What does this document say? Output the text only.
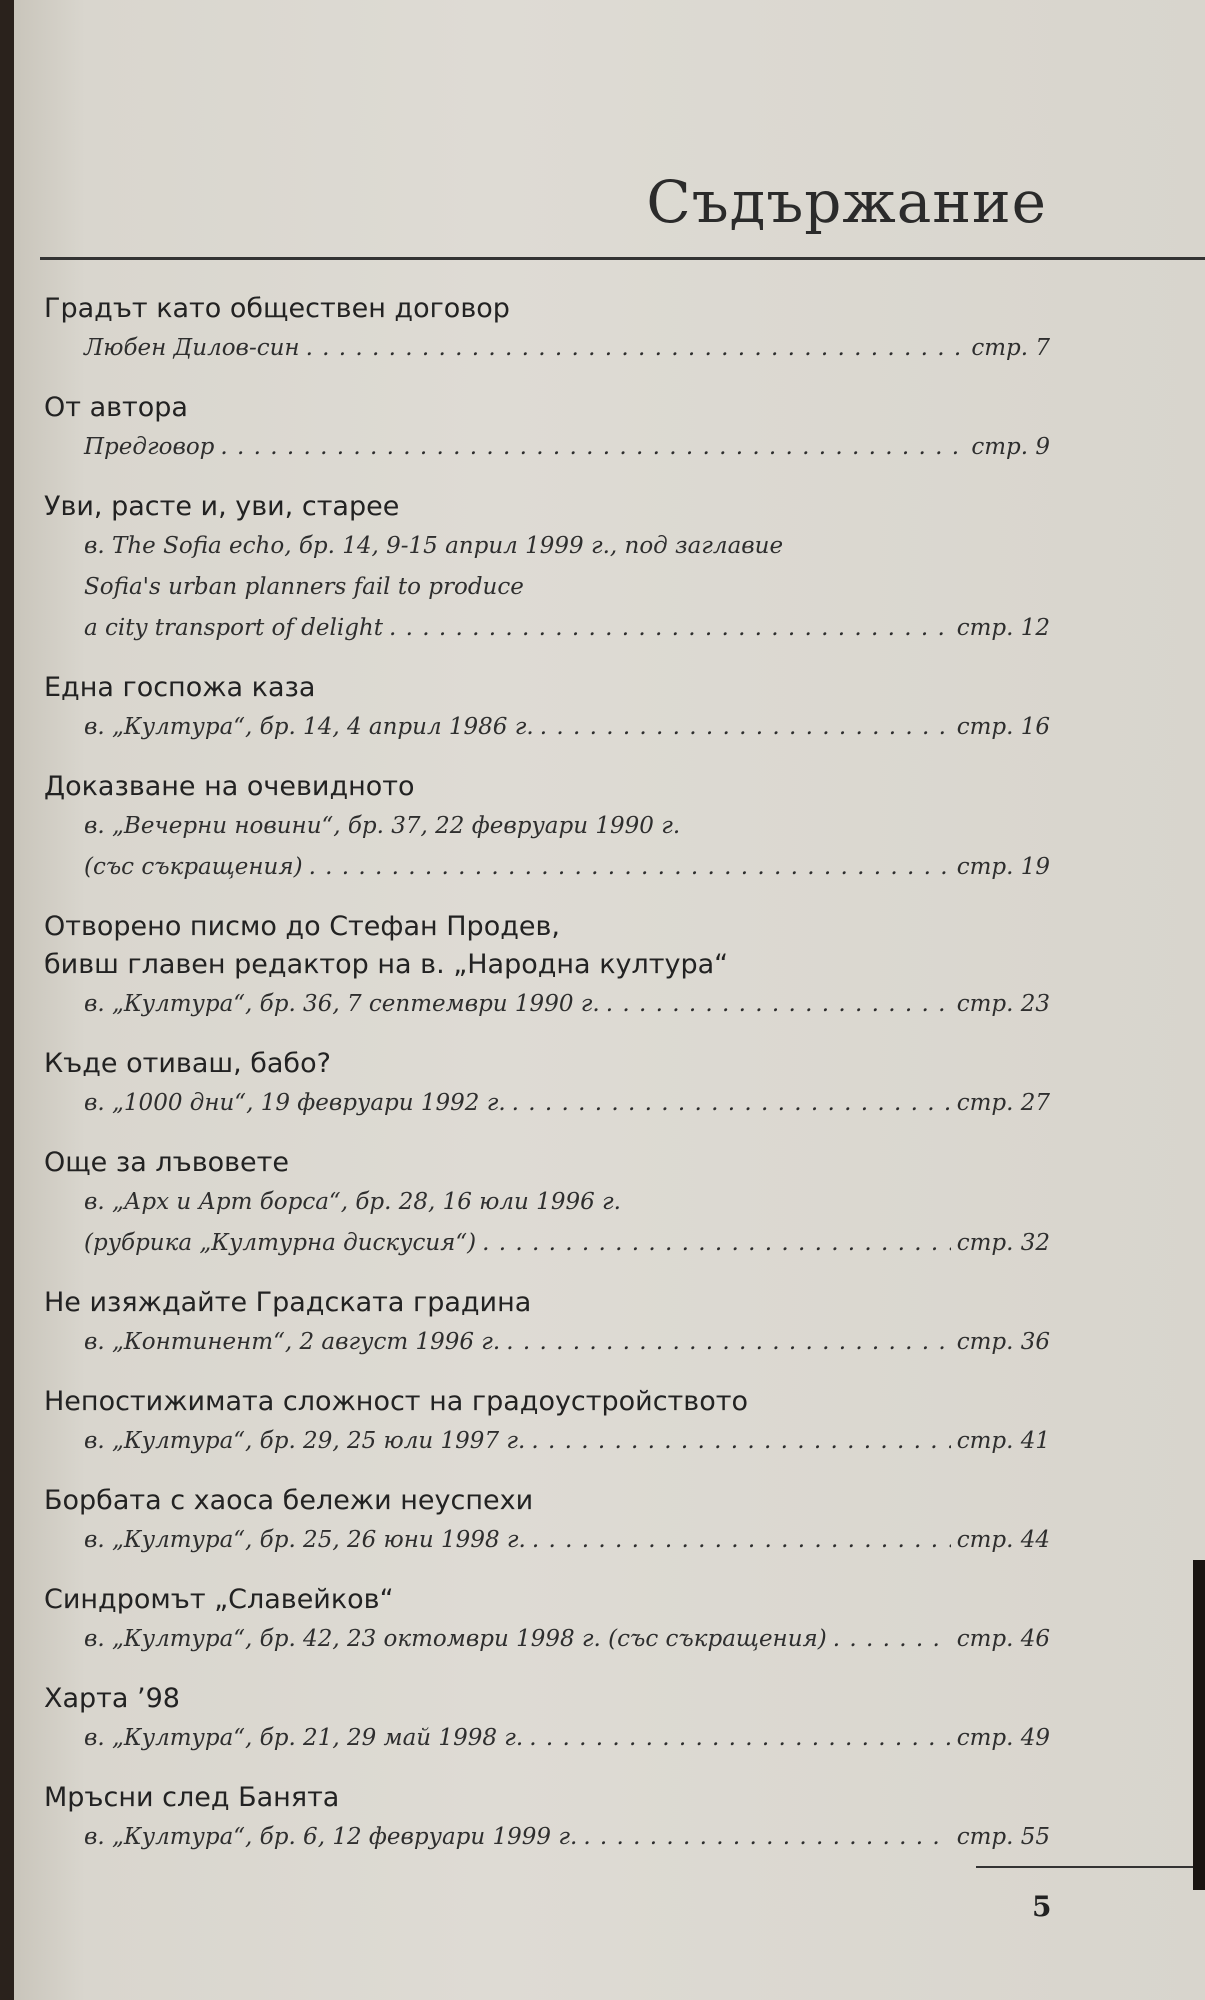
Съдържание
Градът като обществен договор
Любен Дилов-син . . .	стр. 7
От автора
Предговор . . .	стр. 9
Уви, расте и, уви, старее
в. The Sofia echo, бр. 14, 9-15 април 1999 г., под заглавие
Sofia's urban planners fail to produce
a city transport of delight . . .	стр. 12
Една госпожа каза
в. „Култура“, бр. 14, 4 април 1986 г. . . .	стр. 16
Доказване на очевидното
в. „Вечерни новини“, бр. 37, 22 февруари 1990 г.
(със съкращения) . . .	стр. 19
Отворено писмо до Стефан Продев,
бивш главен редактор на в. „Народна култура“
в. „Култура“, бр. 36, 7 септември 1990 г. . . .	стр. 23
Къде отиваш, бабо?
в. „1000 дни“, 19 февруари 1992 г. . . .	стр. 27
Още за лъвовете
в. „Арх и Арт борса“, бр. 28, 16 юли 1996 г.
(рубрика „Културна дискусия“) . . .	стр. 32
Не изяждайте Градската градина
в. „Континент“, 2 август 1996 г. . . .	стр. 36
Непостижимата сложност на градоустройството
в. „Култура“, бр. 29, 25 юли 1997 г. . . .	стр. 41
Борбата с хаоса бележи неуспехи
в. „Култура“, бр. 25, 26 юни 1998 г. . . .	стр. 44
Синдромът „Славейков“
в. „Култура“, бр. 42, 23 октомври 1998 г. (със съкращения) . . .	стр. 46
Харта ’98
в. „Култура“, бр. 21, 29 май 1998 г. . . .	стр. 49
Мръсни след Банята
в. „Култура“, бр. 6, 12 февруари 1999 г. . . .	стр. 55
5
